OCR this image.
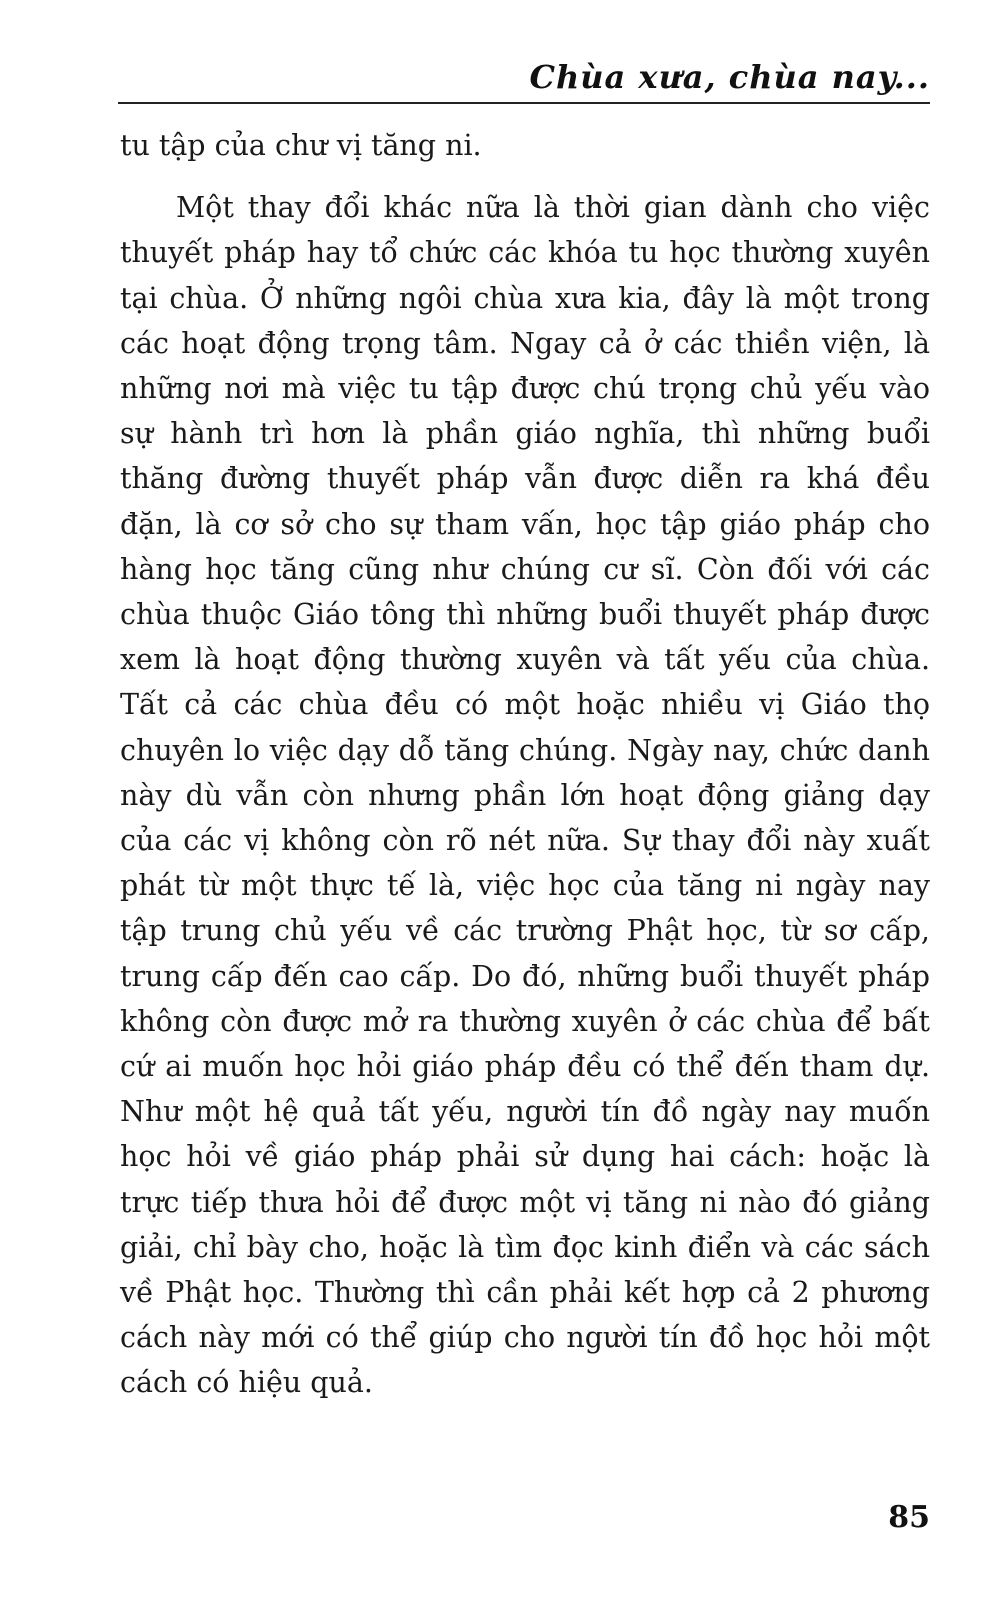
Chùa xưa, chùa nay...

tu tập của chư vị tăng ni.

Một thay đổi khác nữa là thời gian dành cho việc thuyết pháp hay tổ chức các khóa tu học thường xuyên tại chùa. Ở những ngôi chùa xưa kia, đây là một trong các hoạt động trọng tâm. Ngay cả ở các thiền viện, là những nơi mà việc tu tập được chú trọng chủ yếu vào sự hành trì hơn là phần giáo nghĩa, thì những buổi thăng đường thuyết pháp vẫn được diễn ra khá đều đặn, là cơ sở cho sự tham vấn, học tập giáo pháp cho hàng học tăng cũng như chúng cư sĩ. Còn đối với các chùa thuộc Giáo tông thì những buổi thuyết pháp được xem là hoạt động thường xuyên và tất yếu của chùa. Tất cả các chùa đều có một hoặc nhiều vị Giáo thọ chuyên lo việc dạy dỗ tăng chúng. Ngày nay, chức danh này dù vẫn còn nhưng phần lớn hoạt động giảng dạy của các vị không còn rõ nét nữa. Sự thay đổi này xuất phát từ một thực tế là, việc học của tăng ni ngày nay tập trung chủ yếu về các trường Phật học, từ sơ cấp, trung cấp đến cao cấp. Do đó, những buổi thuyết pháp không còn được mở ra thường xuyên ở các chùa để bất cứ ai muốn học hỏi giáo pháp đều có thể đến tham dự. Như một hệ quả tất yếu, người tín đồ ngày nay muốn học hỏi về giáo pháp phải sử dụng hai cách: hoặc là trực tiếp thưa hỏi để được một vị tăng ni nào đó giảng giải, chỉ bày cho, hoặc là tìm đọc kinh điển và các sách về Phật học. Thường thì cần phải kết hợp cả 2 phương cách này mới có thể giúp cho người tín đồ học hỏi một cách có hiệu quả.

85
